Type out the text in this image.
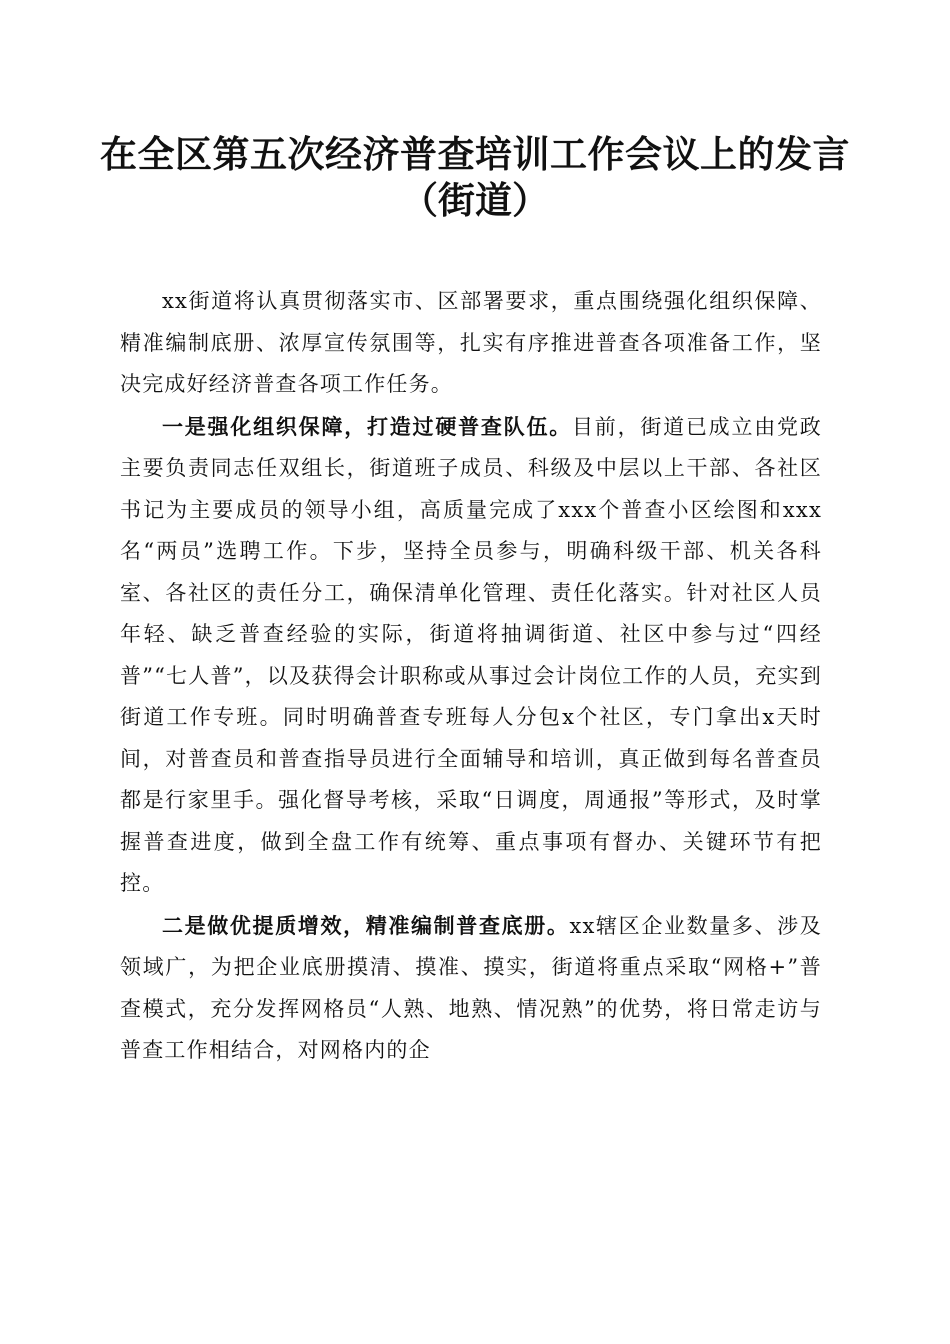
在全区第五次经济普查培训工作会议上的发言
（街道）

xx街道将认真贯彻落实市、区部署要求，重点围绕强化组织保障、精准编制底册、浓厚宣传氛围等，扎实有序推进普查各项准备工作，坚决完成好经济普查各项工作任务。

一是强化组织保障，打造过硬普查队伍。目前，街道已成立由党政主要负责同志任双组长，街道班子成员、科级及中层以上干部、各社区书记为主要成员的领导小组，高质量完成了xxx个普查小区绘图和xxx名“两员”选聘工作。下步，坚持全员参与，明确科级干部、机关各科室、各社区的责任分工，确保清单化管理、责任化落实。针对社区人员年轻、缺乏普查经验的实际，街道将抽调街道、社区中参与过“四经普”“七人普”，以及获得会计职称或从事过会计岗位工作的人员，充实到街道工作专班。同时明确普查专班每人分包x个社区，专门拿出x天时间，对普查员和普查指导员进行全面辅导和培训，真正做到每名普查员都是行家里手。强化督导考核，采取“日调度，周通报”等形式，及时掌握普查进度，做到全盘工作有统筹、重点事项有督办、关键环节有把控。

二是做优提质增效，精准编制普查底册。xx辖区企业数量多、涉及领域广，为把企业底册摸清、摸准、摸实，街道将重点采取“网格+”普查模式，充分发挥网格员“人熟、地熟、情况熟”的优势，将日常走访与普查工作相结合，对网格内的企
